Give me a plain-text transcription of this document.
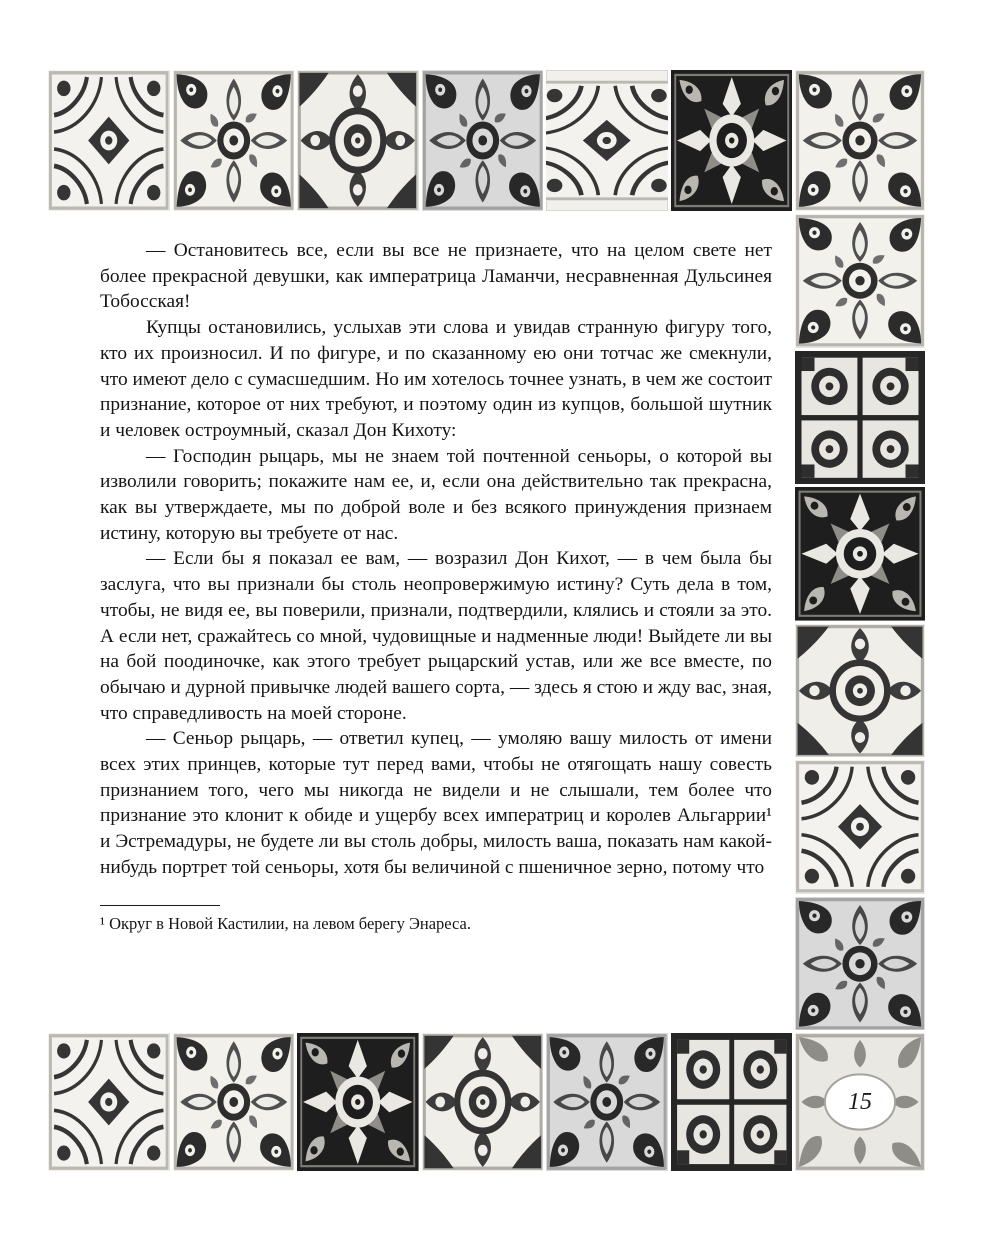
15

— Остановитесь все, если вы все не признаете, что на целом свете нет более прекрасной девушки, как императрица Ламанчи, несравненная Дульсинея Тобосская!

Купцы остановились, услыхав эти слова и увидав странную фигуру того, кто их произносил. И по фигуре, и по сказанному ею они тотчас же смекнули, что имеют дело с сумасшедшим. Но им хотелось точнее узнать, в чем же состоит признание, которое от них требуют, и поэтому один из купцов, большой шутник и человек остроумный, сказал Дон Кихоту:

— Господин рыцарь, мы не знаем той почтенной сеньоры, о которой вы изволили говорить; покажите нам ее, и, если она действительно так прекрасна, как вы утверждаете, мы по доброй воле и без всякого принуждения признаем истину, которую вы требуете от нас.

— Если бы я показал ее вам, — возразил Дон Кихот, — в чем была бы заслуга, что вы признали бы столь неопровержимую истину? Суть дела в том, чтобы, не видя ее, вы поверили, признали, подтвердили, клялись и стояли за это. А если нет, сражайтесь со мной, чудовищные и надменные люди! Выйдете ли вы на бой поодиночке, как этого требует рыцарский устав, или же все вместе, по обычаю и дурной привычке людей вашего сорта, — здесь я стою и жду вас, зная, что справедливость на моей стороне.

— Сеньор рыцарь, — ответил купец, — умоляю вашу милость от имени всех этих принцев, которые тут перед вами, чтобы не отягощать нашу совесть признанием того, чего мы никогда не видели и не слышали, тем более что признание это клонит к обиде и ущербу всех императриц и королев Альгаррии¹ и Эстремадуры, не будете ли вы столь добры, милость ваша, показать нам какой-нибудь портрет той сеньоры, хотя бы величиной с пшеничное зерно, потому что

¹ Округ в Новой Кастилии, на левом берегу Энареса.
